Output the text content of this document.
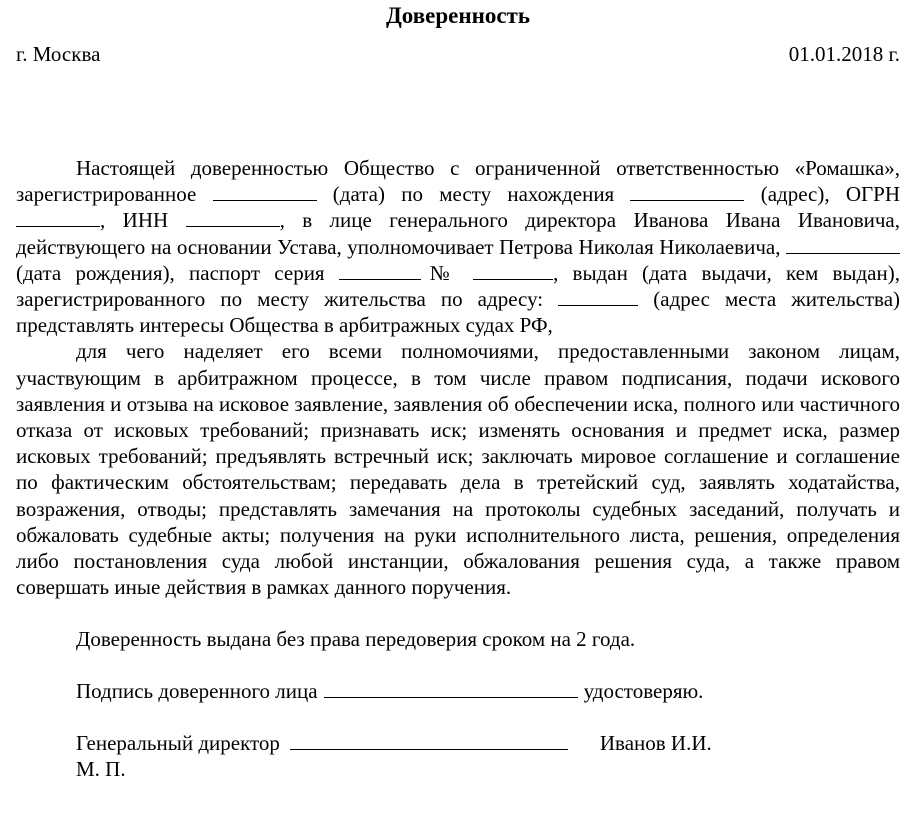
Доверенность
г. Москва	01.01.2018 г.

Настоящей доверенностью Общество с ограниченной ответственностью «Ромашка», зарегистрированное	(дата) по месту нахождения	(адрес), ОГРН , ИНН	, в лице генерального директора Иванова Ивана Ивановича, действующего на основании Устава, уполномочивает Петрова Николая Николаевича,  (дата рождения), паспорт серия	№	, выдан (дата выдачи, кем выдан), зарегистрированного по месту жительства по адресу:	(адрес места жительства) представлять интересы Общества в арбитражных судах РФ,

для чего наделяет его всеми полномочиями, предоставленными законом лицам, участвующим в арбитражном процессе, в том числе правом подписания, подачи искового заявления и отзыва на исковое заявление, заявления об обеспечении иска, полного или частичного отказа от исковых требований; признавать иск; изменять основания и предмет иска, размер исковых требований; предъявлять встречный иск; заключать мировое соглашение и соглашение по фактическим обстоятельствам; передавать дела в третейский суд, заявлять ходатайства, возражения, отводы; представлять замечания на протоколы судебных заседаний, получать и обжаловать судебные акты; получения на руки исполнительного листа, решения, определения либо постановления суда любой инстанции, обжалования решения суда, а также правом совершать иные действия в рамках данного поручения.

Доверенность выдана без права передоверия сроком на 2 года.
Подпись доверенного лица	удостоверяю.
Генеральный директор	Иванов И.И.
М. П.
